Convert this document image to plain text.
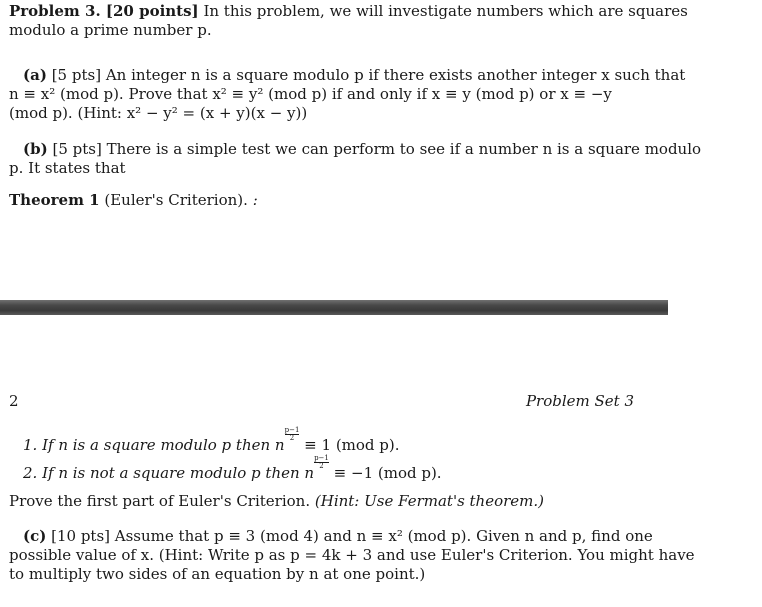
Problem 3. [20 points] In this problem, we will investigate numbers which are squares
modulo a prime number p.
(a) [5 pts] An integer n is a square modulo p if there exists another integer x such that
n ≡ x² (mod p). Prove that x² ≡ y² (mod p) if and only if x ≡ y (mod p) or x ≡ −y
(mod p). (Hint: x² − y² = (x + y)(x − y))
(b) [5 pts] There is a simple test we can perform to see if a number n is a square modulo
p. It states that
Theorem 1 (Euler's Criterion). :
2	Problem Set 3
1. If n is a square modulo p then n
$\frac{p-1}{2}$
≡ 1 (mod p).
2. If n is not a square modulo p then n
$\frac{p-1}{2}$
≡ −1 (mod p).
Prove the first part of Euler's Criterion. (Hint: Use Fermat's theorem.)
(c) [10 pts] Assume that p ≡ 3 (mod 4) and n ≡ x² (mod p). Given n and p, find one
possible value of x. (Hint: Write p as p = 4k + 3 and use Euler's Criterion. You might have
to multiply two sides of an equation by n at one point.)
